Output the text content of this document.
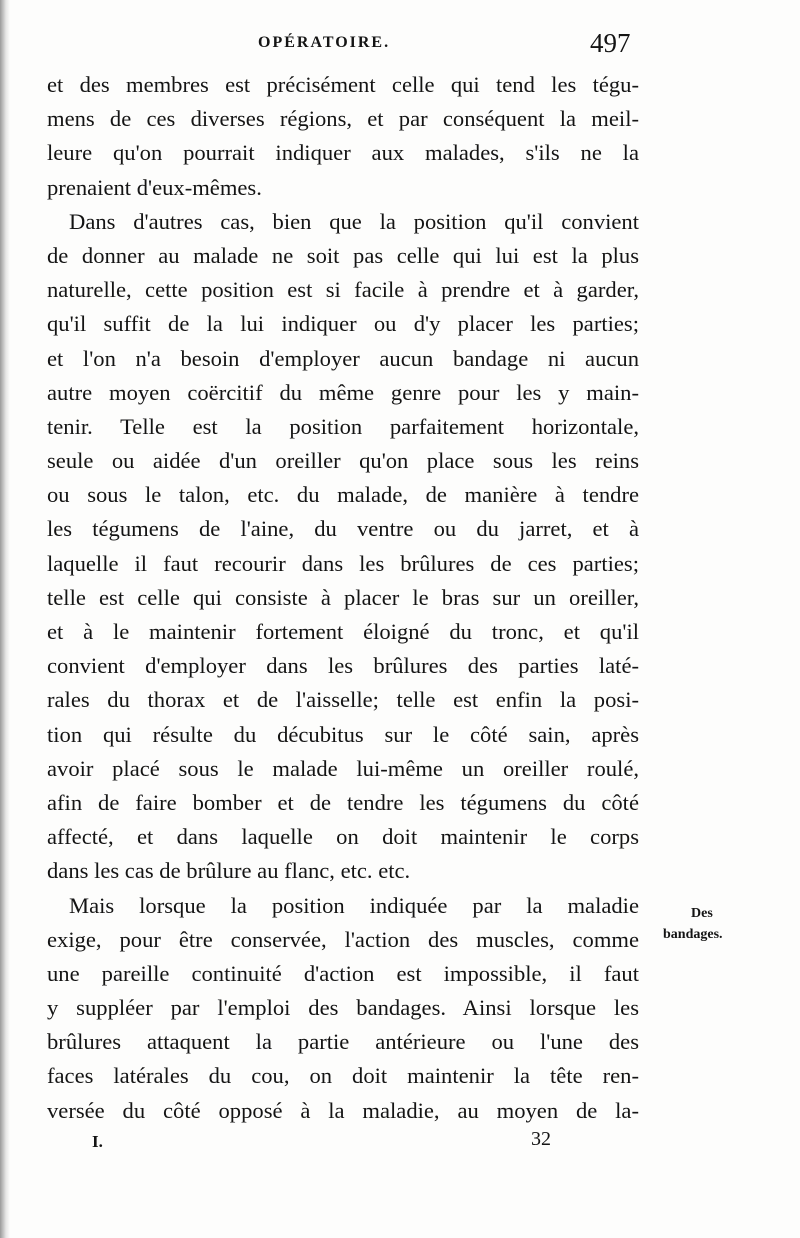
OPÉRATOIRE.	497
et des membres est précisément celle qui tend les tégu-
mens de ces diverses régions, et par conséquent la meil-
leure qu'on pourrait indiquer aux malades, s'ils ne la
prenaient d'eux-mêmes.
Dans d'autres cas, bien que la position qu'il convient
de donner au malade ne soit pas celle qui lui est la plus
naturelle, cette position est si facile à prendre et à garder,
qu'il suffit de la lui indiquer ou d'y placer les parties;
et l'on n'a besoin d'employer aucun bandage ni aucun
autre moyen coërcitif du même genre pour les y main-
tenir. Telle est la position parfaitement horizontale,
seule ou aidée d'un oreiller qu'on place sous les reins
ou sous le talon, etc. du malade, de manière à tendre
les tégumens de l'aine, du ventre ou du jarret, et à
laquelle il faut recourir dans les brûlures de ces parties;
telle est celle qui consiste à placer le bras sur un oreiller,
et à le maintenir fortement éloigné du tronc, et qu'il
convient d'employer dans les brûlures des parties laté-
rales du thorax et de l'aisselle; telle est enfin la posi-
tion qui résulte du décubitus sur le côté sain, après
avoir placé sous le malade lui-même un oreiller roulé,
afin de faire bomber et de tendre les tégumens du côté
affecté, et dans laquelle on doit maintenir le corps
dans les cas de brûlure au flanc, etc. etc.
Mais lorsque la position indiquée par la maladie
exige, pour être conservée, l'action des muscles, comme
une pareille continuité d'action est impossible, il faut
y suppléer par l'emploi des bandages. Ainsi lorsque les
brûlures attaquent la partie antérieure ou l'une des
faces latérales du cou, on doit maintenir la tête ren-
versée du côté opposé à la maladie, au moyen de la-
Des
bandages.
I.	32
